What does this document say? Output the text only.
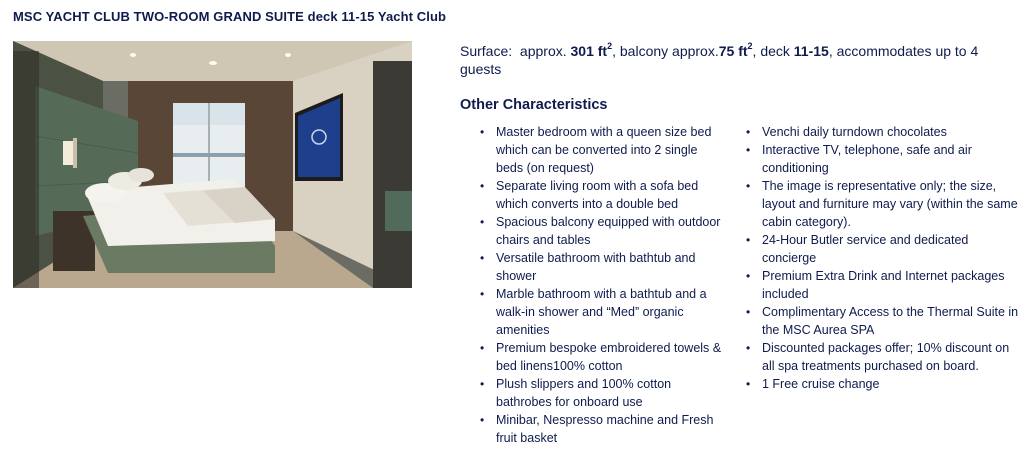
MSC YACHT CLUB TWO-ROOM GRAND SUITE deck 11-15 Yacht Club

Surface: approx. 301 $ft^2$, balcony approx.75 $ft^2$, deck 11-15, accommodates up to 4 guests

Other Characteristics
• Master bedroom with a queen size bed which can be converted into 2 single beds (on request)
• Separate living room with a sofa bed which converts into a double bed
• Spacious balcony equipped with outdoor chairs and tables
• Versatile bathroom with bathtub and shower
• Marble bathroom with a bathtub and a walk-in shower and “Med” organic amenities
• Premium bespoke embroidered towels & bed linens100% cotton
• Plush slippers and 100% cotton bathrobes for onboard use
• Minibar, Nespresso machine and Fresh fruit basket
• Venchi daily turndown chocolates
• Interactive TV, telephone, safe and air conditioning
• The image is representative only; the size, layout and furniture may vary (within the same cabin category).
• 24-Hour Butler service and dedicated concierge
• Premium Extra Drink and Internet packages included
• Complimentary Access to the Thermal Suite in the MSC Aurea SPA
• Discounted packages offer; 10% discount on all spa treatments purchased on board.
• 1 Free cruise change
